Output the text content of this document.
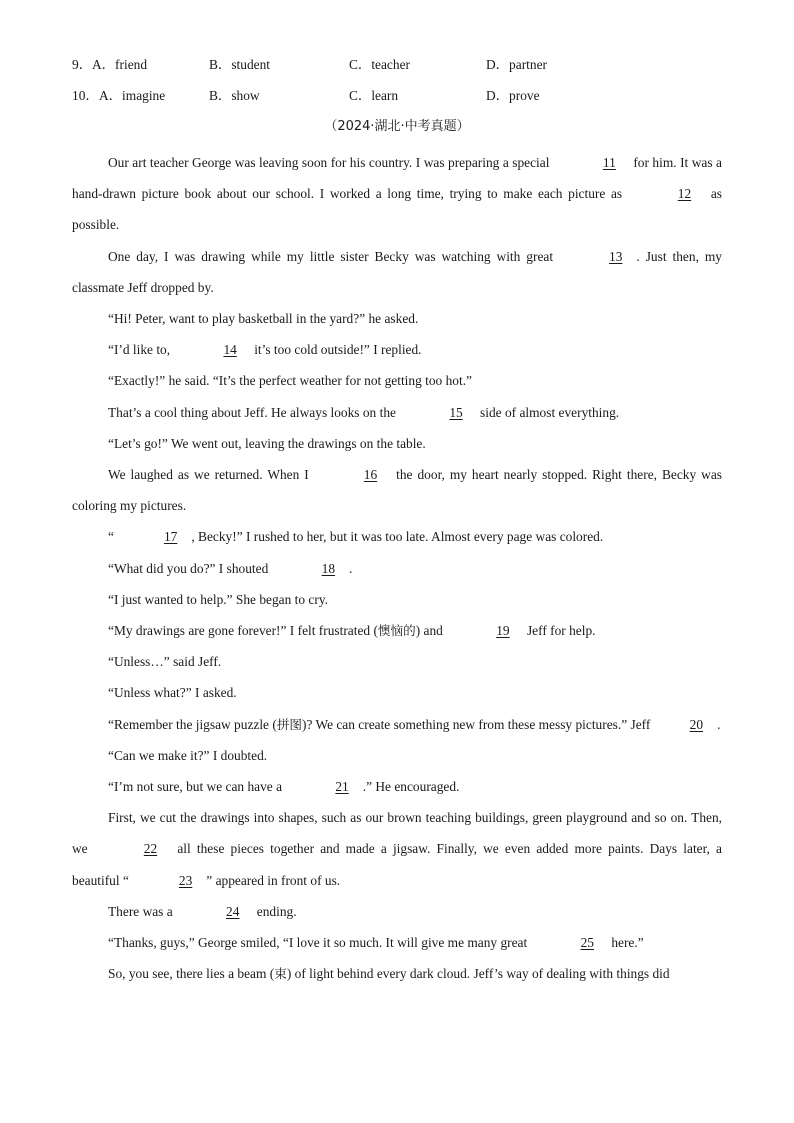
9． A．friend	B．student	C．teacher	D．partner
10． A．imagine	B．show	C．learn	D．prove
（2024·湖北·中考真题）

Our art teacher George was leaving soon for his country. I was preparing a special	11 for him. It was a hand-drawn picture book about our school. I worked a long time, trying to make each picture as	12 as possible.

One day, I was drawing while my little sister Becky was watching with great	13 . Just then, my classmate Jeff dropped by.

“Hi! Peter, want to play basketball in the yard?” he asked.

“I’d like to,	14 it’s too cold outside!” I replied.

“Exactly!” he said. “It’s the perfect weather for not getting too hot.”

That’s a cool thing about Jeff. He always looks on the	15 side of almost everything.

“Let’s go!” We went out, leaving the drawings on the table.

We laughed as we returned. When I	16 the door, my heart nearly stopped. Right there, Becky was coloring my pictures.

“	17 , Becky!” I rushed to her, but it was too late. Almost every page was colored.

“What did you do?” I shouted	18 .

“I just wanted to help.” She began to cry.

“My drawings are gone forever!” I felt frustrated (懊恼的) and	19 Jeff for help.

“Unless…” said Jeff.

“Unless what?” I asked.

“Remember the jigsaw puzzle (拼图)? We can create something new from these messy pictures.” Jeff	20 .

“Can we make it?” I doubted.

“I’m not sure, but we can have a	21 .” He encouraged.

First, we cut the drawings into shapes, such as our brown teaching buildings, green playground and so on. Then, we	22 all these pieces together and made a jigsaw. Finally, we even added more paints. Days later, a beautiful “	23 ” appeared in front of us.

There was a	24 ending.

“Thanks, guys,” George smiled, “I love it so much. It will give me many great	25 here.”

So, you see, there lies a beam (束) of light behind every dark cloud. Jeff’s way of dealing with things did
